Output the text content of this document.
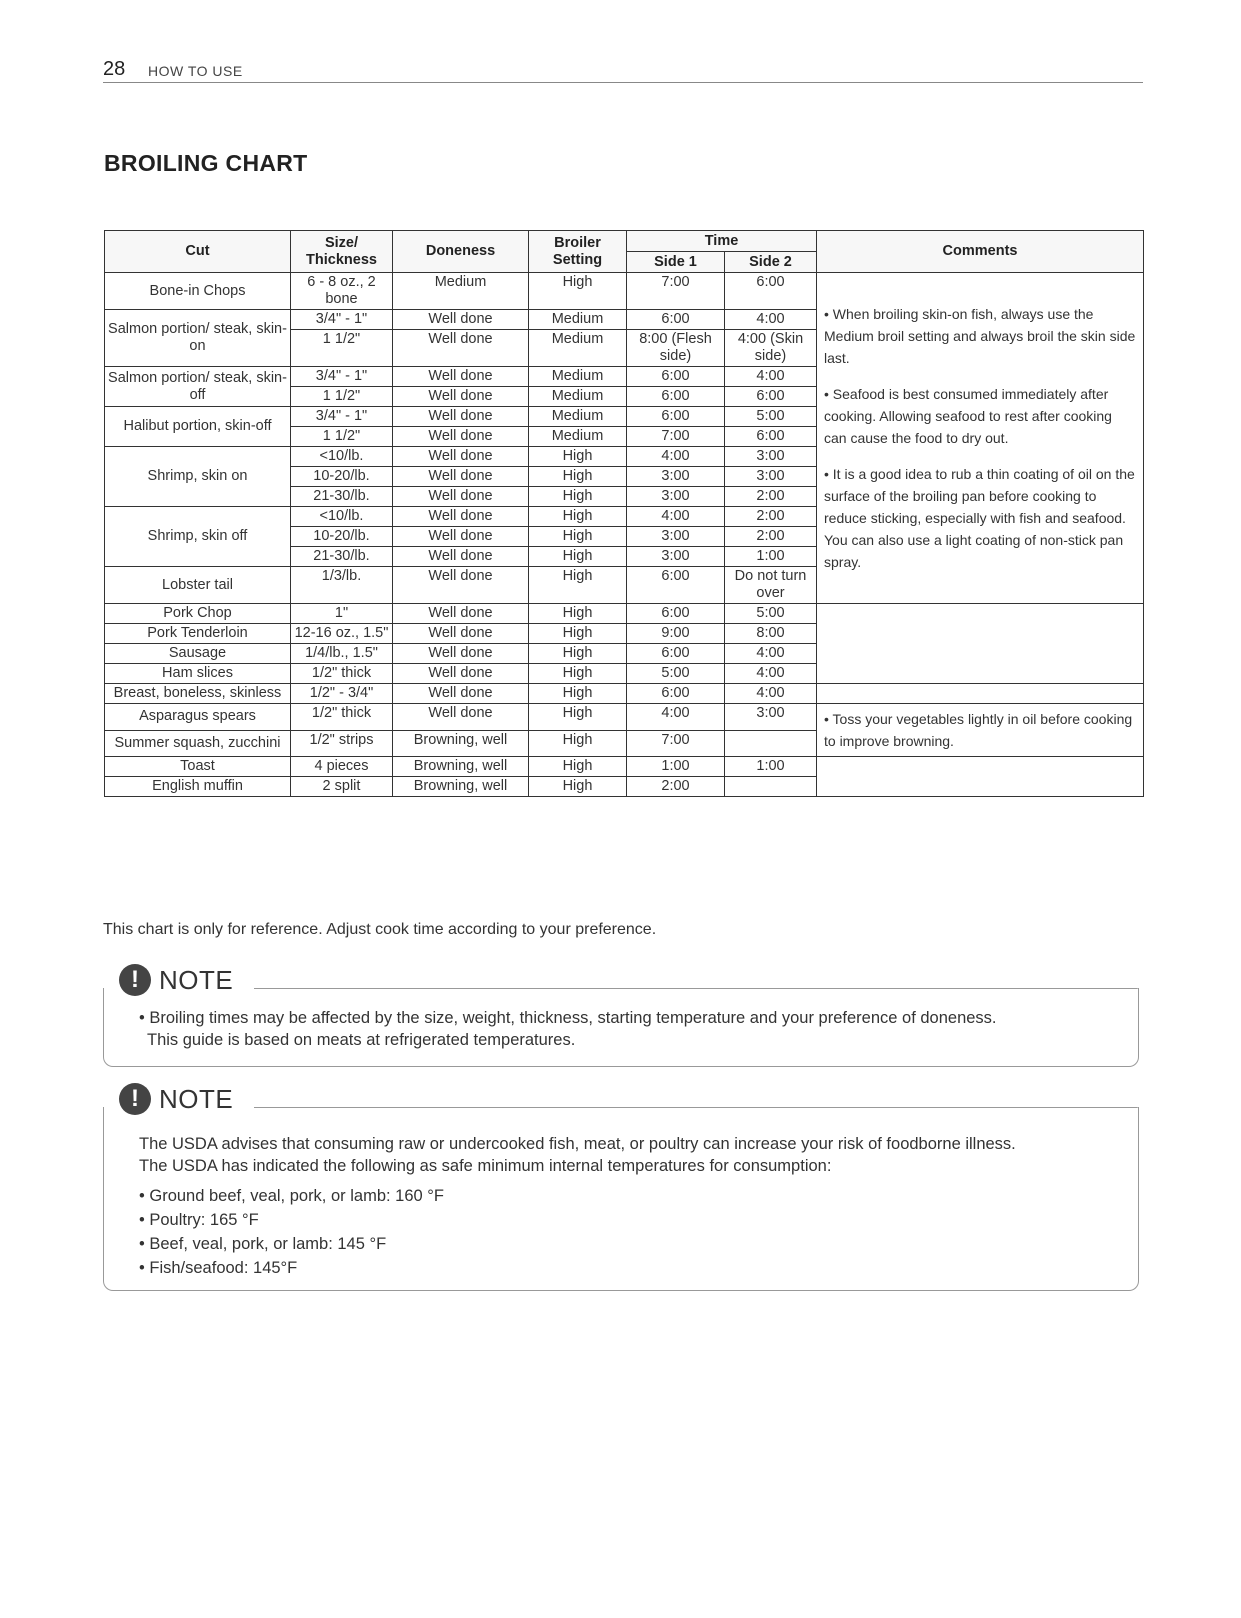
28 HOW TO USE
BROILING CHART
Cut	Size/ Thickness	Doneness	Broiler Setting	Time		Comments
				Side 1	Side 2	
Bone-in Chops	6 - 8 oz., 2 bone	Medium	High	7:00	6:00	• When broiling skin-on fish, always use the Medium broil setting and always broil the skin side last.

• Seafood is best consumed immediately after cooking. Allowing seafood to rest after cooking can cause the food to dry out.

• It is a good idea to rub a thin coating of oil on the surface of the broiling pan before cooking to reduce sticking, especially with fish and seafood. You can also use a light coating of non-stick pan spray.

Salmon portion/ steak, skin-on	3/4" - 1"	Well done	Medium	6:00	4:00	
	1 1/2"	Well done	Medium	8:00 (Flesh side)	4:00 (Skin side)	
Salmon portion/ steak, skin-off	3/4" - 1"	Well done	Medium	6:00	4:00	
	1 1/2"	Well done	Medium	6:00	6:00	
Halibut portion, skin-off	3/4" - 1"	Well done	Medium	6:00	5:00	
	1 1/2"	Well done	Medium	7:00	6:00	
Shrimp, skin on	<10/lb.	Well done	High	4:00	3:00	
	10-20/lb.	Well done	High	3:00	3:00	
	21-30/lb.	Well done	High	3:00	2:00	
Shrimp, skin off	<10/lb.	Well done	High	4:00	2:00	
	10-20/lb.	Well done	High	3:00	2:00	
	21-30/lb.	Well done	High	3:00	1:00	
Lobster tail	1/3/lb.	Well done	High	6:00	Do not turn over	
Pork Chop	1"	Well done	High	6:00	5:00	
Pork Tenderloin	12-16 oz., 1.5"	Well done	High	9:00	8:00	
Sausage	1/4/lb., 1.5"	Well done	High	6:00	4:00	
Ham slices	1/2" thick	Well done	High	5:00	4:00	
Breast, boneless, skinless	1/2" - 3/4"	Well done	High	6:00	4:00	
Asparagus spears	1/2" thick	Well done	High	4:00	3:00	• Toss your vegetables lightly in oil before cooking to improve browning.
Summer squash, zucchini	1/2" strips	Browning, well	High	7:00		
Toast	4 pieces	Browning, well	High	1:00	1:00	
English muffin	2 split	Browning, well	High	2:00		

This chart is only for reference. Adjust cook time according to your preference.

! NOTE

• Broiling times may be affected by the size, weight, thickness, starting temperature and your preference of doneness.

This guide is based on meats at refrigerated temperatures.

! NOTE

The USDA advises that consuming raw or undercooked fish, meat, or poultry can increase your risk of foodborne illness.

The USDA has indicated the following as safe minimum internal temperatures for consumption:

• Ground beef, veal, pork, or lamb: 160 °F
• Poultry: 165 °F
• Beef, veal, pork, or lamb: 145 °F
• Fish/seafood: 145°F
